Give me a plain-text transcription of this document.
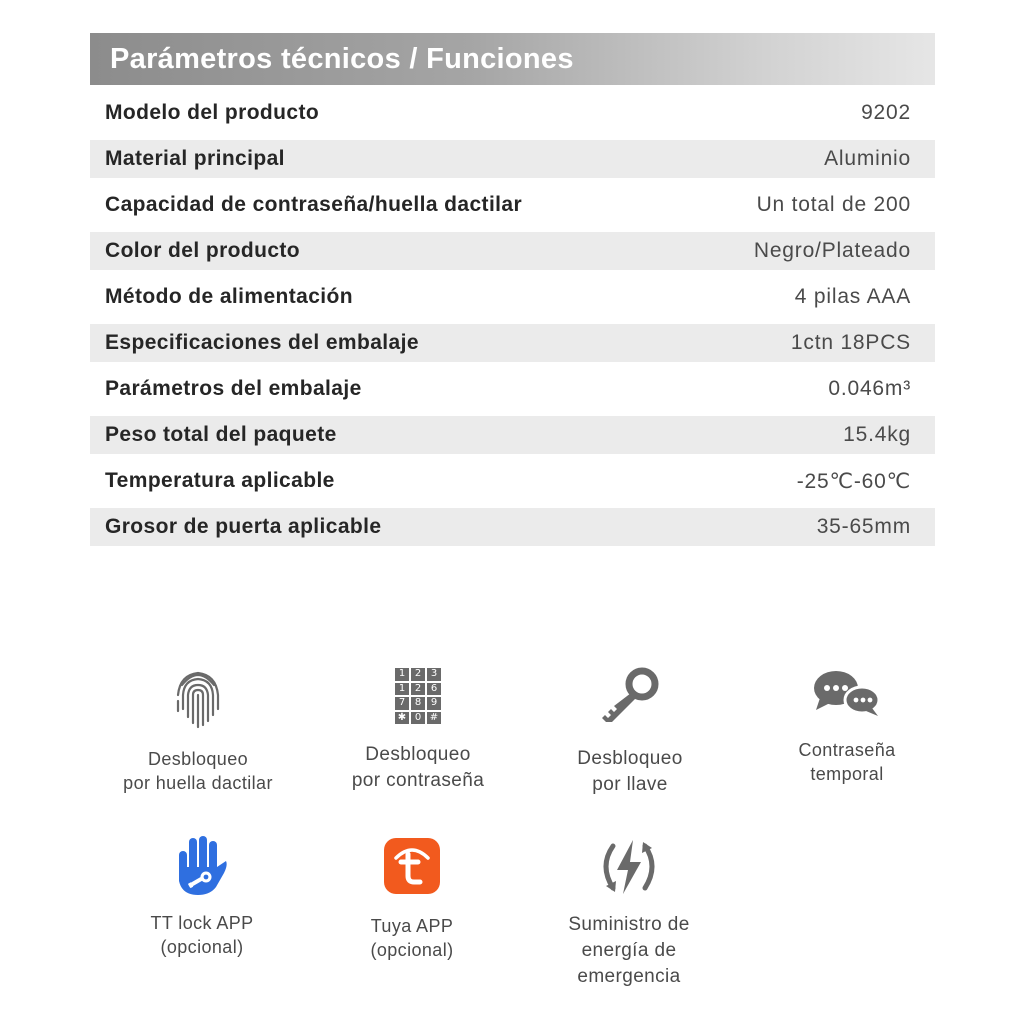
Parámetros técnicos / Funciones
Modelo del producto	9202
Material principal	Aluminio
Capacidad de contraseña/huella dactilar	Un total de 200
Color del producto	Negro/Plateado
Método de alimentación	4 pilas AAA
Especificaciones del embalaje	1ctn 18PCS
Parámetros del embalaje	0.046m³
Peso total del paquete	15.4kg
Temperatura aplicable	-25℃-60℃
Grosor de puerta aplicable	35-65mm
Desbloqueo
por huella dactilar
1 2 3
1 2 6
7 8 9
✱ 0 #
Desbloqueo
por contraseña
Desbloqueo
por llave
Contraseña
temporal
TT lock APP
(opcional)
Tuya APP
(opcional)
Suministro de
energía de
emergencia
